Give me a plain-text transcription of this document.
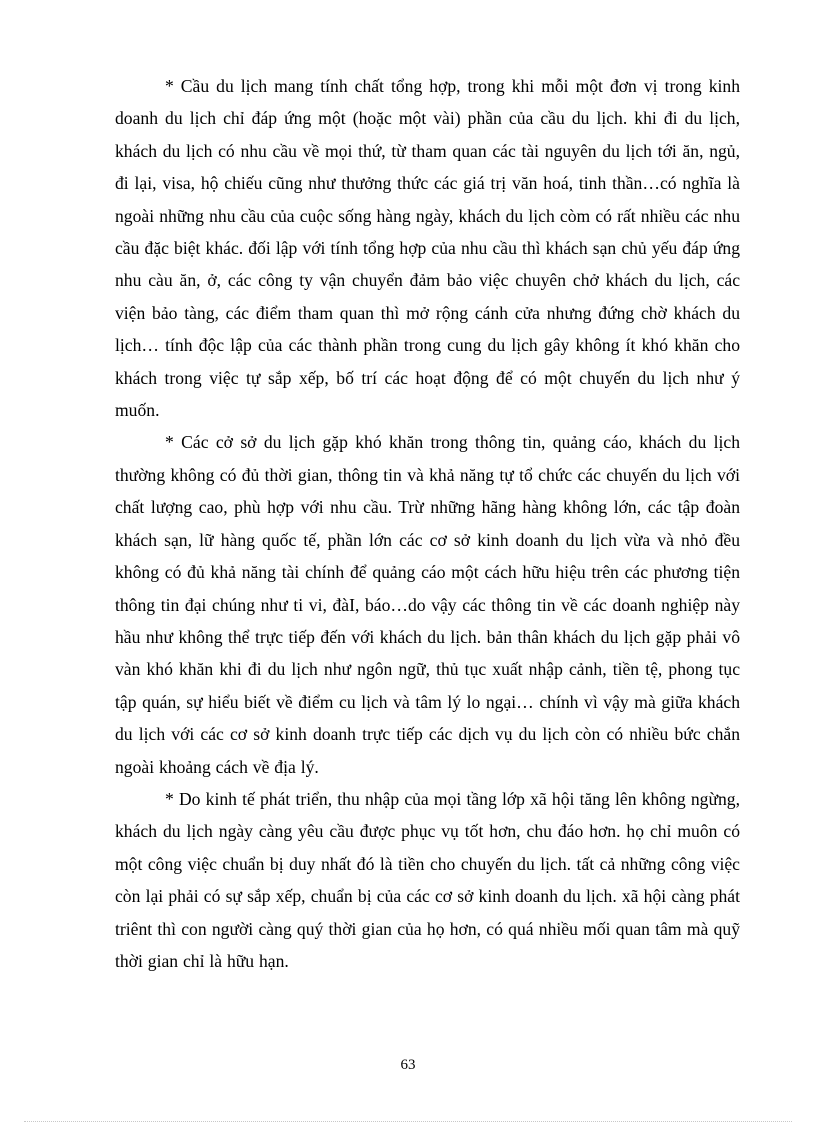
* Cầu du lịch mang tính chất tổng hợp, trong khi mỗi một đơn vị trong kinh doanh du lịch chỉ đáp ứng một (hoặc một vài) phần của cầu du lịch. khi đi du lịch, khách du lịch có nhu cầu về mọi thứ, từ tham quan các tài nguyên du lịch tới ăn, ngủ, đi lại, visa, hộ chiếu cũng như thưởng thức các giá trị văn hoá, tinh thần…có nghĩa là ngoài những nhu cầu của cuộc sống hàng ngày, khách du lịch còm có rất nhiều các nhu cầu đặc biệt khác. đối lập với tính tổng hợp của nhu cầu thì khách sạn chủ yếu đáp ứng nhu càu ăn, ở, các công ty vận chuyển đảm bảo việc chuyên chở khách du lịch, các viện bảo tàng, các điểm tham quan thì mở rộng cánh cửa nhưng đứng chờ khách du lịch… tính độc lập của các thành phần trong cung du lịch gây không ít khó khăn cho khách trong việc tự sắp xếp, bố trí các hoạt động để có một chuyến du lịch như ý muốn.

* Các cở sở du lịch gặp khó khăn trong thông tin, quảng cáo, khách du lịch thường không có đủ thời gian, thông tin và khả năng tự tổ chức các chuyến du lịch với chất lượng cao, phù hợp với nhu cầu. Trừ những hãng hàng không lớn, các tập đoàn khách sạn, lữ hàng quốc tế, phần lớn các cơ sở kinh doanh du lịch vừa và nhỏ đều không có đủ khả năng tài chính để quảng cáo một cách hữu hiệu trên các phương tiện thông tin đại chúng như ti vi, đàI, báo…do vậy các thông tin về các doanh nghiệp này hầu như không thể trực tiếp đến với khách du lịch. bản thân khách du lịch gặp phải vô vàn khó khăn khi đi du lịch như ngôn ngữ, thủ tục xuất nhập cảnh, tiền tệ, phong tục tập quán, sự hiểu biết về điểm cu lịch và tâm lý lo ngại… chính vì vậy mà giữa khách du lịch với các cơ sở kinh doanh trực tiếp các dịch vụ du lịch còn có nhiều bức chắn ngoài khoảng cách về địa lý.

* Do kinh tế phát triển, thu nhập của mọi tầng lớp xã hội tăng lên không ngừng, khách du lịch ngày càng yêu cầu được phục vụ tốt hơn, chu đáo hơn. họ chỉ muôn có một công việc chuẩn bị duy nhất đó là tiền cho chuyến du lịch. tất cả những công việc còn lại phải có sự sắp xếp, chuẩn bị của các cơ sở kinh doanh du lịch. xã hội càng phát triênt thì con người càng quý thời gian của họ hơn, có quá nhiều mối quan tâm mà quỹ thời gian chỉ là hữu hạn.

63
